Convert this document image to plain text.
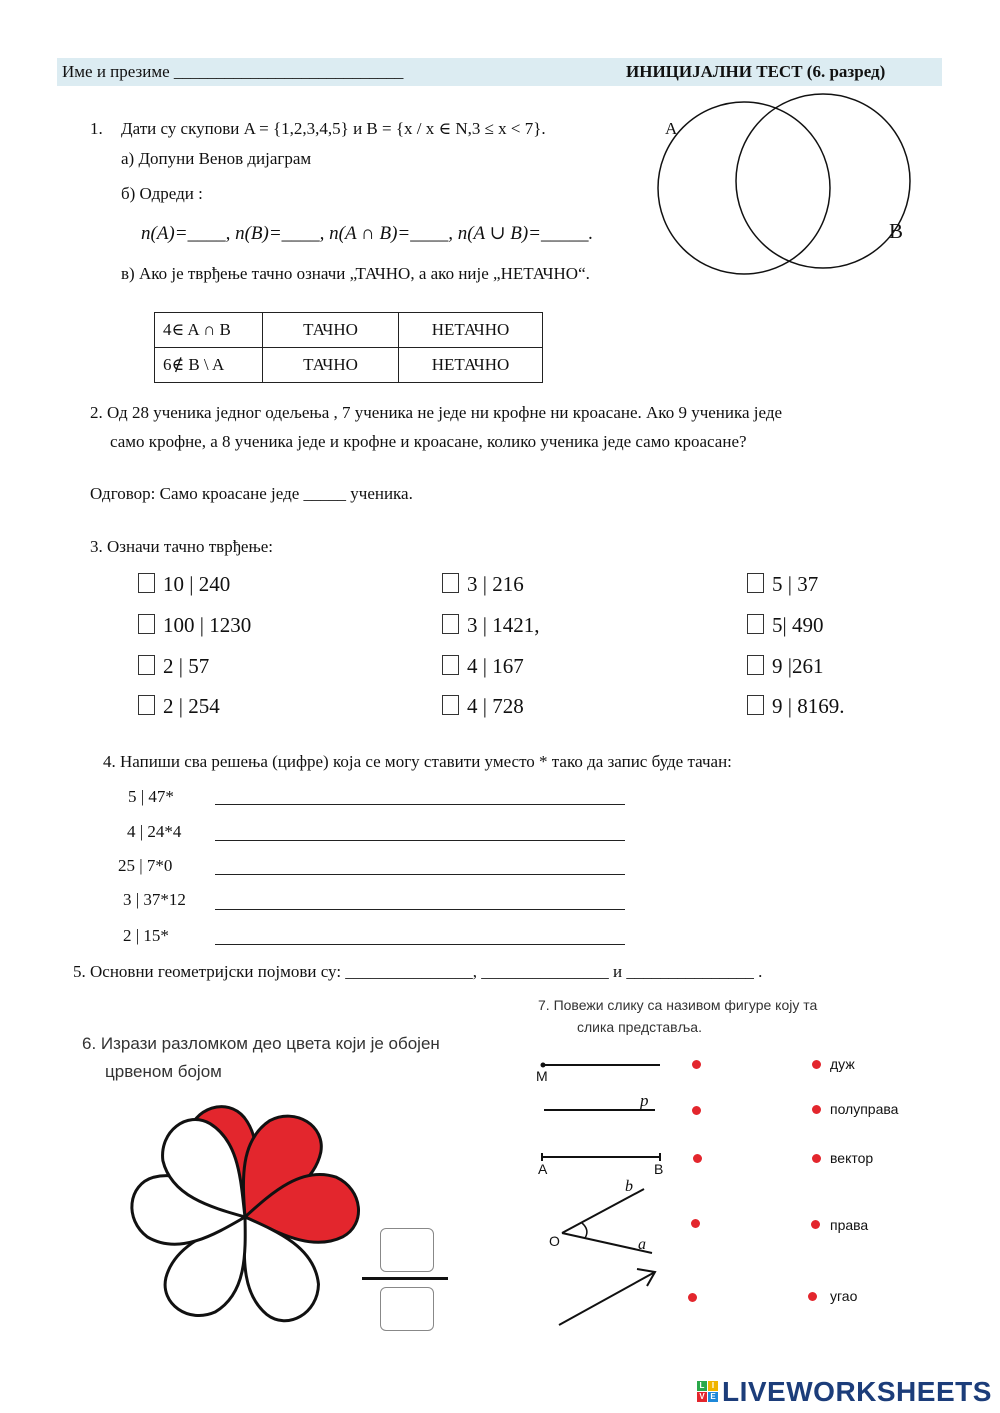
Име и презиме ___________________________	ИНИЦИЈАЛНИ ТЕСТ (6. разред)
1. Дати су скупови A = {1,2,3,4,5} и B = {x / x ∈ N,3 ≤ x < 7}.
а) Допуни Венов дијаграм
б) Одреди :
n(A)=____, n(B)=____, n(A ∩ B)=____, n(A ∪ B)=_____.
в) Ако је тврђење тачно означи „ТАЧНО, а ако није „НЕТАЧНО“.
A
B
4∈ A ∩ B	ТАЧНО	НЕТАЧНО
6∉ B \ A	ТАЧНО	НЕТАЧНО
2. Од 28 ученика једног одељења , 7 ученика не једе ни крофне ни кроасане. Ако 9 ученика једе
само крофне, а 8 ученика једе и крофне и кроасане, колико ученика једе само кроасане?
Одговор: Само кроасане једе _____ ученика.
3. Означи тачно тврђење:
10 | 240
100 | 1230
2 | 57
2 | 254
3 | 216
3 | 1421,
4 | 167
4 | 728
5 | 37
5| 490
9 |261
9 | 8169.
4. Напиши сва решења (цифре) која се могу ставити уместо * тако да запис буде тачан:
5 | 47*
4 | 24*4
25 | 7*0
3 | 37*12
2 | 15*
5. Основни геометријски појмови су: _______________, _______________ и _______________ .
6. Изрази разломком део цвета који је обојен
црвеном бојом
7. Повежи слику са називом фигуре коју та
слика представља.
M
p
A	B
O
b
a
дуж
полуправа
вектор
права
угао
L I
V E LIVEWORKSHEETS
